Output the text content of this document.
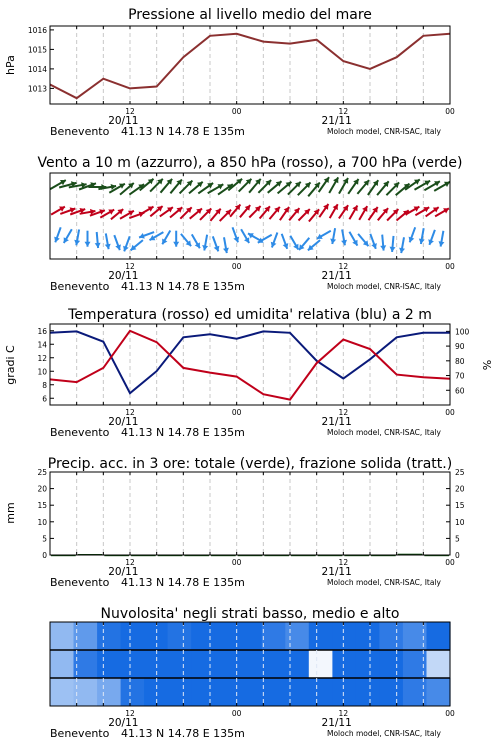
Pressione al livello medio del mare
1013
1014
1015
1016
hPa
12	00	12	00
20/11	21/11
Benevento 41.13 N 14.78 E 135m	Moloch model, CNR-ISAC, Italy
Vento a 10 m (azzurro), a 850 hPa (rosso), a 700 hPa (verde)
12	00	12	00
20/11	21/11
Benevento 41.13 N 14.78 E 135m	Moloch model, CNR-ISAC, Italy
Temperatura (rosso) ed umidita' relativa (blu) a 2 m
6
8
10
12
14
16
60
70
80
90
100
gradi C	%
12	00	12	00
20/11	21/11
Benevento 41.13 N 14.78 E 135m	Moloch model, CNR-ISAC, Italy
Precip. acc. in 3 ore: totale (verde), frazione solida (tratt.)
0
5
10
15
20
25
0
5
10
15
20
25
mm
12	00	12	00
20/11	21/11
Benevento 41.13 N 14.78 E 135m	Moloch model, CNR-ISAC, Italy
Nuvolosita' negli strati basso, medio e alto
12	00	12	00
20/11	21/11
Benevento 41.13 N 14.78 E 135m	Moloch model, CNR-ISAC, Italy
